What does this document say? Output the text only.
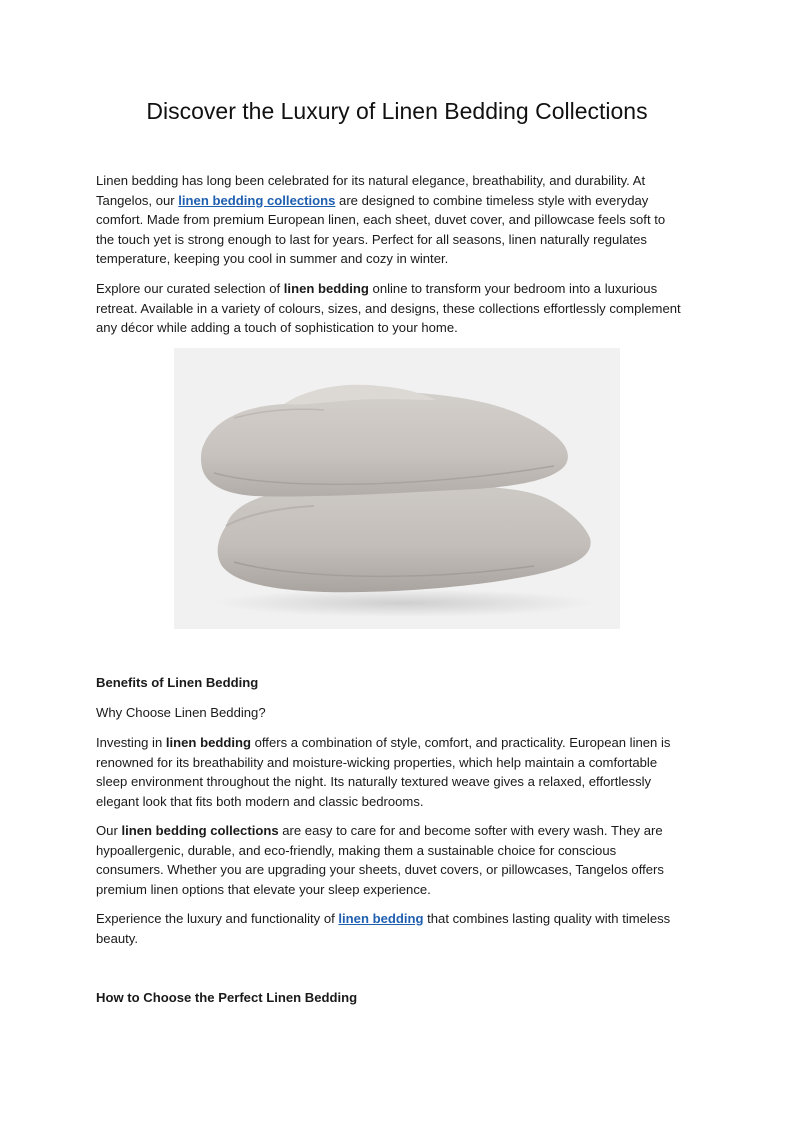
Discover the Luxury of Linen Bedding Collections

Linen bedding has long been celebrated for its natural elegance, breathability, and durability. At
Tangelos, our linen bedding collections are designed to combine timeless style with everyday
comfort. Made from premium European linen, each sheet, duvet cover, and pillowcase feels soft to
the touch yet is strong enough to last for years. Perfect for all seasons, linen naturally regulates
temperature, keeping you cool in summer and cozy in winter.

Explore our curated selection of linen bedding online to transform your bedroom into a luxurious
retreat. Available in a variety of colours, sizes, and designs, these collections effortlessly complement
any décor while adding a touch of sophistication to your home.

Benefits of Linen Bedding
Why Choose Linen Bedding?

Investing in linen bedding offers a combination of style, comfort, and practicality. European linen is
renowned for its breathability and moisture-wicking properties, which help maintain a comfortable
sleep environment throughout the night. Its naturally textured weave gives a relaxed, effortlessly
elegant look that fits both modern and classic bedrooms.

Our linen bedding collections are easy to care for and become softer with every wash. They are
hypoallergenic, durable, and eco-friendly, making them a sustainable choice for conscious
consumers. Whether you are upgrading your sheets, duvet covers, or pillowcases, Tangelos offers
premium linen options that elevate your sleep experience.

Experience the luxury and functionality of linen bedding that combines lasting quality with timeless
beauty.

How to Choose the Perfect Linen Bedding
